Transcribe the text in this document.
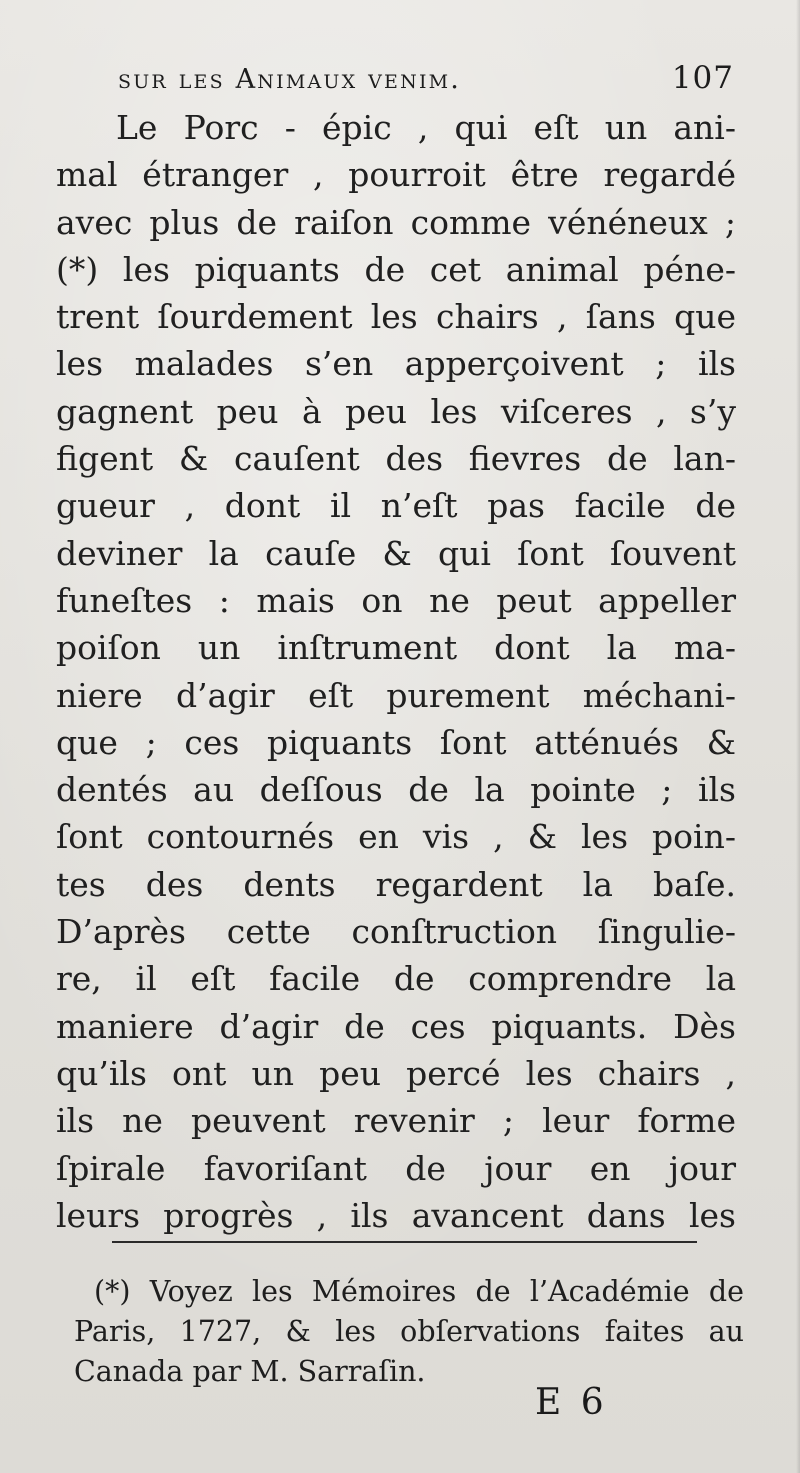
sur les Animaux venim.	107
Le Porc - épic , qui eſt un ani-
mal étranger , pourroit être regardé
avec plus de raiſon comme vénéneux ;
(*) les piquants de cet animal péne-
trent ſourdement les chairs , ſans que
les malades s’en apperçoivent ; ils
gagnent peu à peu les viſceres , s’y
figent & cauſent des fievres de lan-
gueur , dont il n’eſt pas facile de
deviner la cauſe & qui ſont ſouvent
funeſtes : mais on ne peut appeller
poiſon un inſtrument dont la ma-
niere d’agir eſt purement méchani-
que ; ces piquants ſont atténués &
dentés au deſſous de la pointe ; ils
ſont contournés en vis , & les poin-
tes des dents regardent la baſe.
D’après cette conſtruction ſingulie-
re, il eſt facile de comprendre la
maniere d’agir de ces piquants. Dès
qu’ils ont un peu percé les chairs ,
ils ne peuvent revenir ; leur forme
ſpirale favoriſant de jour en jour
leurs progrès , ils avancent dans les
(*) Voyez les Mémoires de l’Académie de
Paris, 1727, & les obſervations faites au
Canada par M. Sarraſin.
E 6
